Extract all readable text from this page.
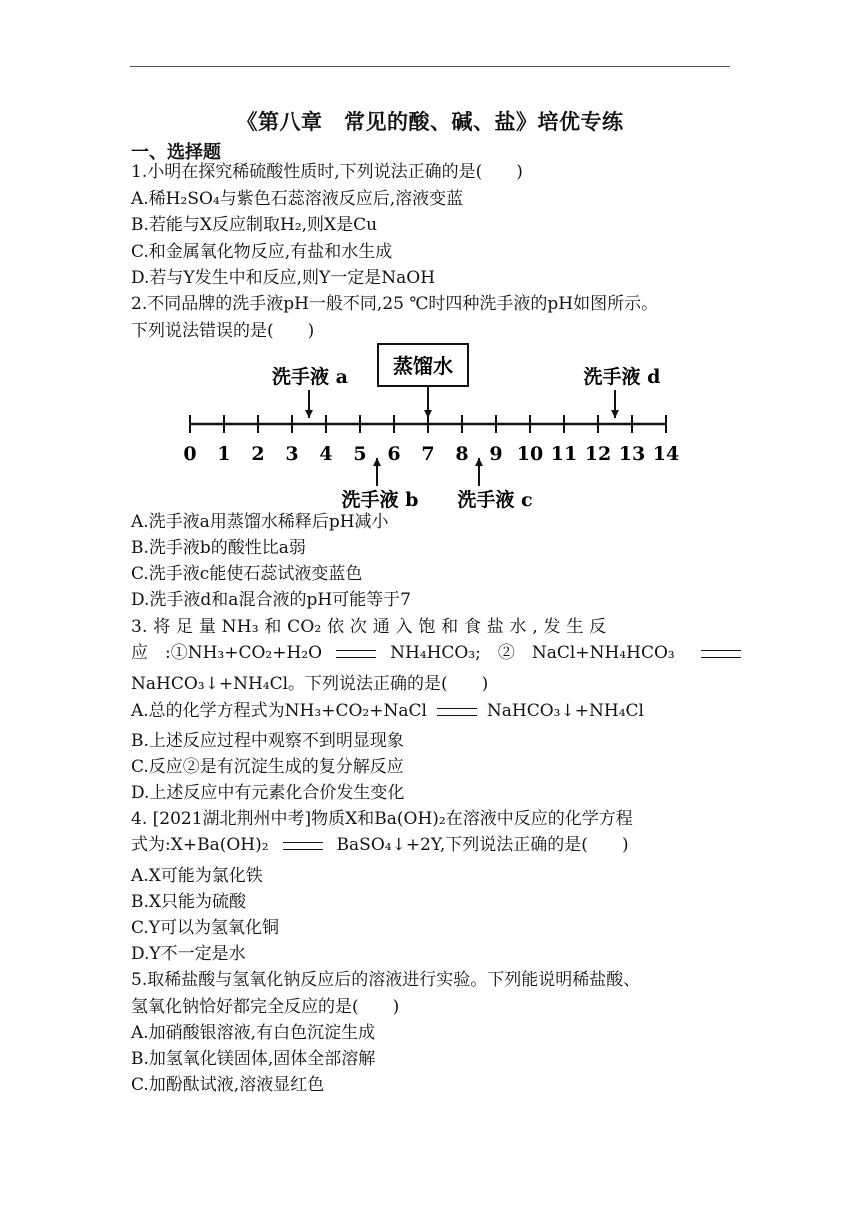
《第八章　常见的酸、碱、盐》培优专练
一、选择题
1.小明在探究稀硫酸性质时,下列说法正确的是(　　)
A.稀H₂SO₄与紫色石蕊溶液反应后,溶液变蓝
B.若能与X反应制取H₂,则X是Cu
C.和金属氧化物反应,有盐和水生成
D.若与Y发生中和反应,则Y一定是NaOH
2.不同品牌的洗手液pH一般不同,25 ℃时四种洗手液的pH如图所示。
下列说法错误的是(　　)
0 1 2 3 4 5 6 7 8 9 10 11 12 13 14
蒸馏水
洗手液 a	洗手液 d
洗手液 b 洗手液 c
A.洗手液a用蒸馏水稀释后pH减小
B.洗手液b的酸性比a弱
C.洗手液c能使石蕊试液变蓝色
D.洗手液d和a混合液的pH可能等于7
3. 将 足 量 NH₃ 和 CO₂ 依 次 通 入 饱 和 食 盐 水 , 发 生 反
应　:①NH₃+CO₂+H₂O	NH₄HCO₃;　②　NaCl+NH₄HCO₃
NaHCO₃↓+NH₄Cl。下列说法正确的是(　　)
A.总的化学方程式为NH₃+CO₂+NaCl	NaHCO₃↓+NH₄Cl
B.上述反应过程中观察不到明显现象
C.反应②是有沉淀生成的复分解反应
D.上述反应中有元素化合价发生变化
4. [2021湖北荆州中考]物质X和Ba(OH)₂在溶液中反应的化学方程
式为:X+Ba(OH)₂	BaSO₄↓+2Y,下列说法正确的是(　　)
A.X可能为氯化铁
B.X只能为硫酸
C.Y可以为氢氧化铜
D.Y不一定是水
5.取稀盐酸与氢氧化钠反应后的溶液进行实验。下列能说明稀盐酸、
氢氧化钠恰好都完全反应的是(　　)
A.加硝酸银溶液,有白色沉淀生成
B.加氢氧化镁固体,固体全部溶解
C.加酚酞试液,溶液显红色
